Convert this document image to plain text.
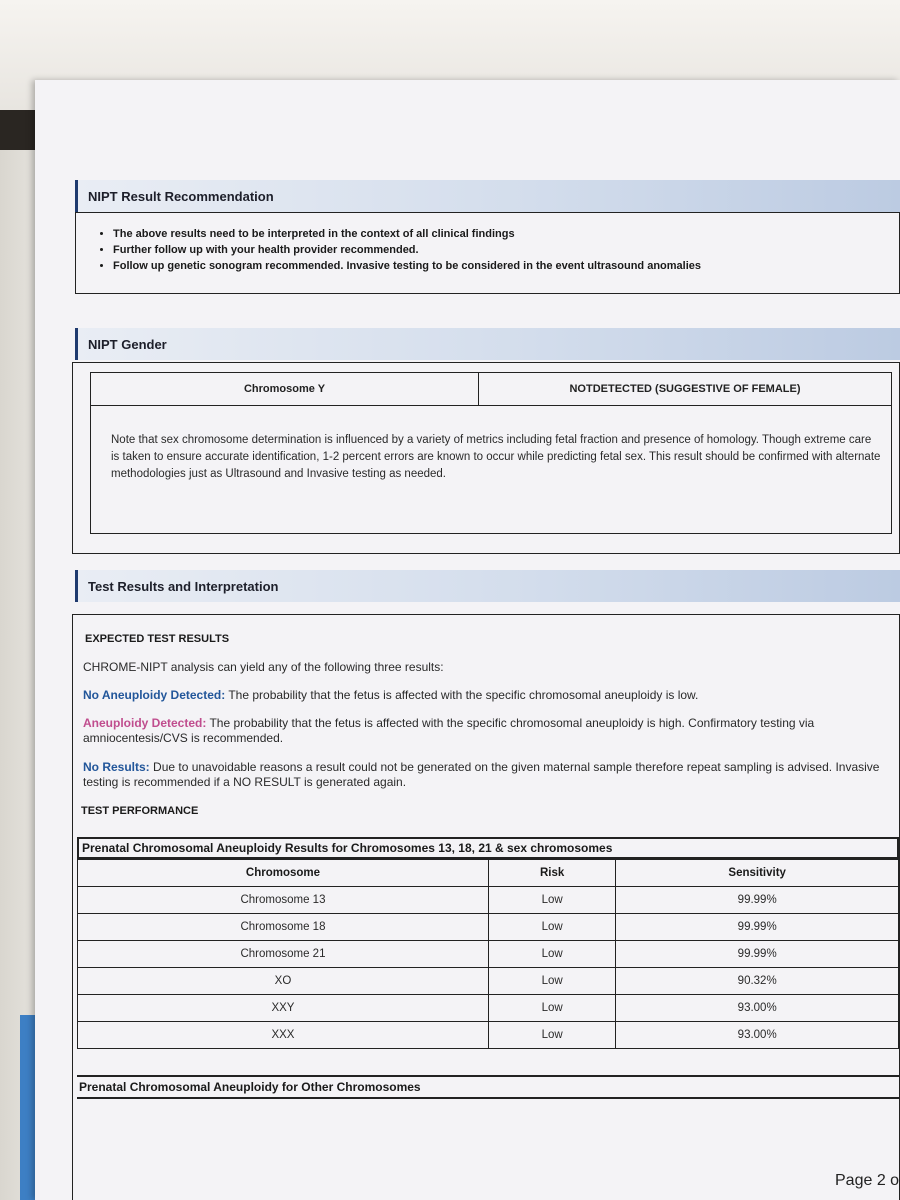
NIPT Result Recommendation
• The above results need to be interpreted in the context of all clinical findings
• Further follow up with your health provider recommended.
• Follow up genetic sonogram recommended. Invasive testing to be considered in the event ultrasound anomalies
NIPT Gender
Chromosome Y	NOTDETECTED (SUGGESTIVE OF FEMALE)
Note that sex chromosome determination is influenced by a variety of metrics including fetal fraction and presence of homology. Though extreme care is taken to ensure accurate identification, 1-2 percent errors are known to occur while predicting fetal sex. This result should be confirmed with alternate methodologies just as Ultrasound and Invasive testing as needed.
Test Results and Interpretation
EXPECTED TEST RESULTS
CHROME-NIPT analysis can yield any of the following three results:
No Aneuploidy Detected: The probability that the fetus is affected with the specific chromosomal aneuploidy is low.
Aneuploidy Detected: The probability that the fetus is affected with the specific chromosomal aneuploidy is high. Confirmatory testing via amniocentesis/CVS is recommended.
No Results: Due to unavoidable reasons a result could not be generated on the given maternal sample therefore repeat sampling is advised. Invasive testing is recommended if a NO RESULT is generated again.
TEST PERFORMANCE
Prenatal Chromosomal Aneuploidy Results for Chromosomes 13, 18, 21 & sex chromosomes
Chromosome	Risk	Sensitivity
Chromosome 13	Low	99.99%
Chromosome 18	Low	99.99%
Chromosome 21	Low	99.99%
XO	Low	90.32%
XXY	Low	93.00%
XXX	Low	93.00%
Prenatal Chromosomal Aneuploidy for Other Chromosomes
Page 2 o
